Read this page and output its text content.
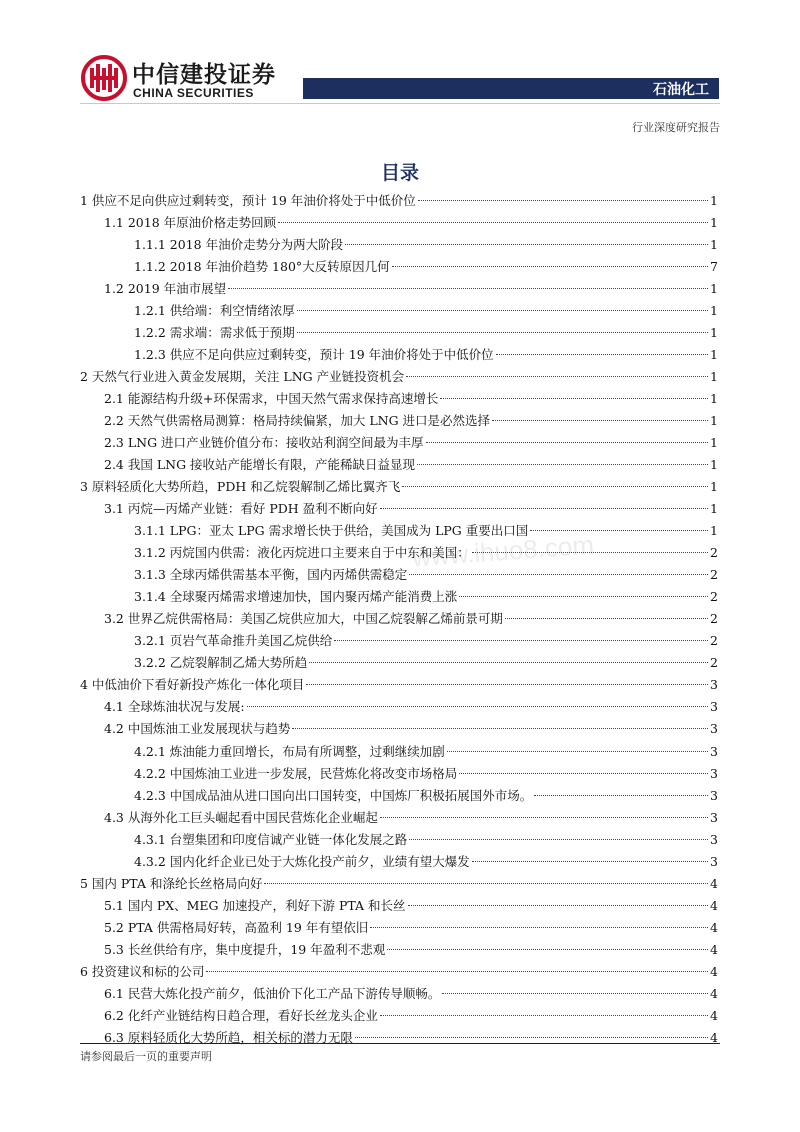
中信建投证券
CHINA SECURITIES	石油化工
行业深度研究报告
目录
www.ihuo8.com
1 供应不足向供应过剩转变，预计 19 年油价将处于中低价位	1
1.1 2018 年原油价格走势回顾	1
1.1.1 2018 年油价走势分为两大阶段	1
1.1.2 2018 年油价趋势 180°大反转原因几何	7
1.2 2019 年油市展望	1
1.2.1 供给端：利空情绪浓厚	1
1.2.2 需求端：需求低于预期	1
1.2.3 供应不足向供应过剩转变，预计 19 年油价将处于中低价位	1
2 天然气行业进入黄金发展期，关注 LNG 产业链投资机会	1
2.1 能源结构升级+环保需求，中国天然气需求保持高速增长	1
2.2 天然气供需格局测算：格局持续偏紧，加大 LNG 进口是必然选择	1
2.3 LNG 进口产业链价值分布：接收站利润空间最为丰厚	1
2.4 我国 LNG 接收站产能增长有限，产能稀缺日益显现	1
3 原料轻质化大势所趋，PDH 和乙烷裂解制乙烯比翼齐飞	1
3.1 丙烷—丙烯产业链：看好 PDH 盈利不断向好	1
3.1.1 LPG：亚太 LPG 需求增长快于供给，美国成为 LPG 重要出口国	1
3.1.2 丙烷国内供需：液化丙烷进口主要来自于中东和美国：	2
3.1.3 全球丙烯供需基本平衡，国内丙烯供需稳定	2
3.1.4 全球聚丙烯需求增速加快，国内聚丙烯产能消费上涨	2
3.2 世界乙烷供需格局：美国乙烷供应加大，中国乙烷裂解乙烯前景可期	2
3.2.1 页岩气革命推升美国乙烷供给	2
3.2.2 乙烷裂解制乙烯大势所趋	2
4 中低油价下看好新投产炼化一体化项目	3
4.1 全球炼油状况与发展:	3
4.2 中国炼油工业发展现状与趋势	3
4.2.1 炼油能力重回增长，布局有所调整，过剩继续加剧	3
4.2.2 中国炼油工业进一步发展，民营炼化将改变市场格局	3
4.2.3 中国成品油从进口国向出口国转变，中国炼厂积极拓展国外市场。	3
4.3 从海外化工巨头崛起看中国民营炼化企业崛起	3
4.3.1 台塑集团和印度信诚产业链一体化发展之路	3
4.3.2 国内化纤企业已处于大炼化投产前夕，业绩有望大爆发	3
5 国内 PTA 和涤纶长丝格局向好	4
5.1 国内 PX、MEG 加速投产，利好下游 PTA 和长丝	4
5.2 PTA 供需格局好转，高盈利 19 年有望依旧	4
5.3 长丝供给有序，集中度提升，19 年盈利不悲观	4
6 投资建议和标的公司	4
6.1 民营大炼化投产前夕，低油价下化工产品下游传导顺畅。	4
6.2 化纤产业链结构日趋合理，看好长丝龙头企业	4
6.3 原料轻质化大势所趋，相关标的潜力无限	4
请参阅最后一页的重要声明
